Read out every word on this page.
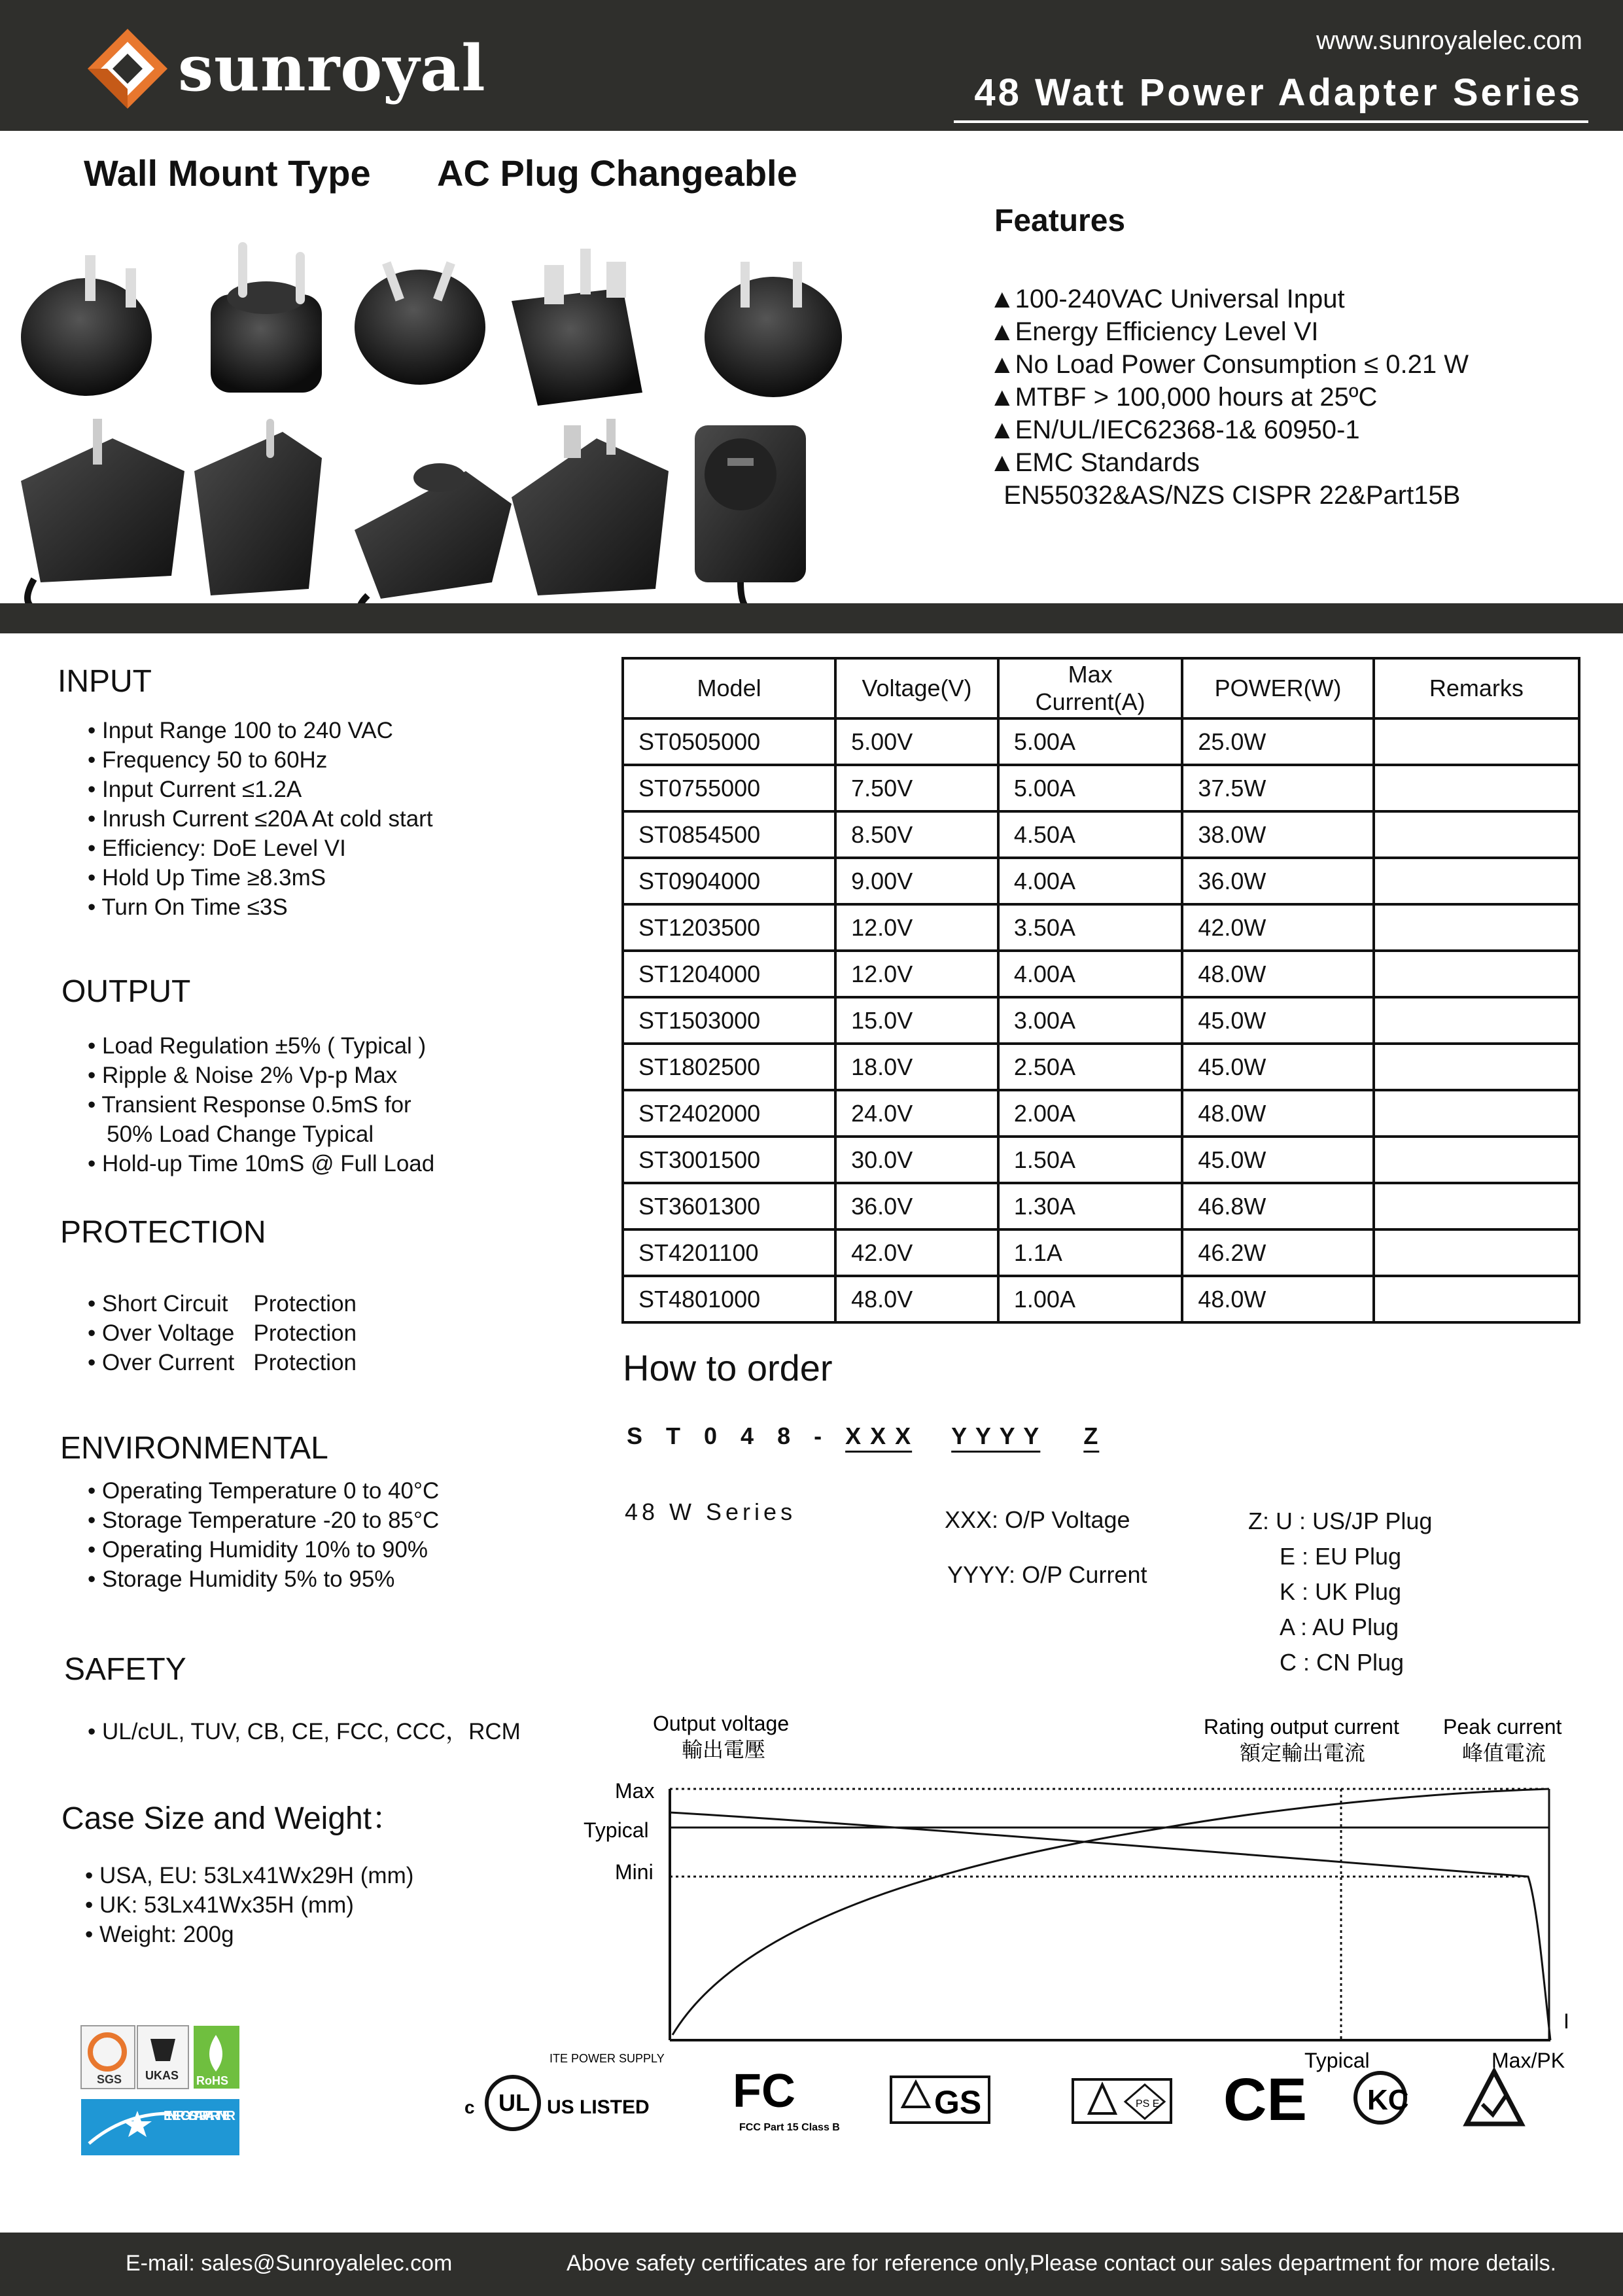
sunroyal	www.sunroyalelec.com
48 Watt Power Adapter Series
Wall Mount Type AC Plug Changeable
Features
▲100-240VAC Universal Input
▲Energy Efficiency Level VI
▲No Load Power Consumption ≤ 0.21 W
▲MTBF > 100,000 hours at 25ºC
▲EN/UL/IEC62368-1& 60950-1
▲EMC Standards
EN55032&AS/NZS CISPR 22&Part15B
INPUT
• Input Range 100 to 240 VAC
• Frequency 50 to 60Hz
• Input Current ≤1.2A
• Inrush Current ≤20A At cold start
• Efficiency: DoE Level VI
• Hold Up Time ≥8.3mS
• Turn On Time ≤3S
OUTPUT
• Load Regulation ±5% ( Typical )
• Ripple & Noise 2% Vp-p Max
• Transient Response 0.5mS for
50% Load Change Typical
• Hold-up Time 10mS @ Full Load
PROTECTION
• Short Circuit    Protection
• Over Voltage   Protection
• Over Current   Protection
ENVIRONMENTAL
• Operating Temperature 0 to 40°C
• Storage Temperature -20 to 85°C
• Operating Humidity 10% to 90%
• Storage Humidity 5% to 95%
SAFETY
• UL/cUL, TUV, CB, CE, FCC, CCC，RCM
Case Size and Weight：
• USA, EU: 53Lx41Wx29H (mm)
• UK: 53Lx41Wx35H (mm)
• Weight: 200g
Model	Voltage(V)	Max Current(A)	POWER(W)	Remarks
ST0505000	5.00V	5.00A	25.0W	
ST0755000	7.50V	5.00A	37.5W	
ST0854500	8.50V	4.50A	38.0W	
ST0904000	9.00V	4.00A	36.0W	
ST1203500	12.0V	3.50A	42.0W	
ST1204000	12.0V	4.00A	48.0W	
ST1503000	15.0V	3.00A	45.0W	
ST1802500	18.0V	2.50A	45.0W	
ST2402000	24.0V	2.00A	48.0W	
ST3001500	30.0V	1.50A	45.0W	
ST3601300	36.0V	1.30A	46.8W	
ST4201100	42.0V	1.1A	46.2W	
ST4801000	48.0V	1.00A	48.0W	
How to order
S T 0 4 8 - X X X Y Y Y Y Z
48 W Series	XXX: O/P Voltage
YYYY: O/P Current
Z: U : US/JP Plug
E : EU Plug
K : UK Plug
A : AU Plug
C : CN Plug
Output voltage
輸出電壓
Rating output current
額定輸出電流
Peak current
峰值電流
Max
Typical
Mini
I
Typical	Max/PK
SGS UKAS RoHS
ENERGY STAR PARTNER	c UL US LISTED
ITE POWER SUPPLY
FC
FCC Part 15 Class B
GS	PS E CE KC
E-mail: sales@Sunroyalelec.com	Above safety certificates are for reference only,Please contact our sales department for more details.
